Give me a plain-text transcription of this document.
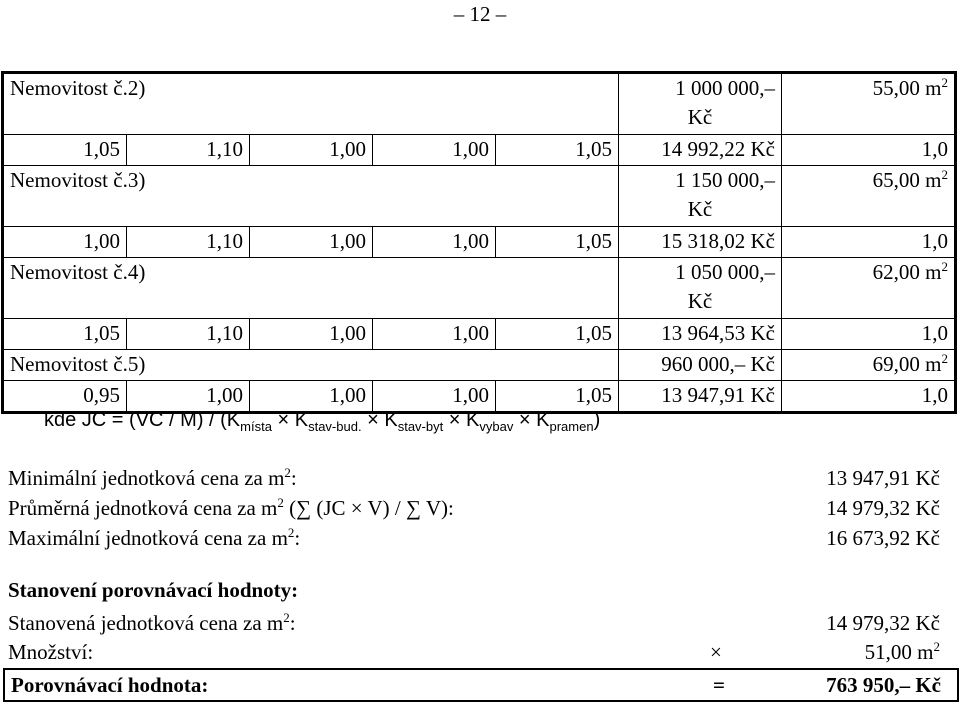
– 12 –
Nemovitost č.2)					1 000 000,–
Kč	55,00 $m^2$
1,05	1,10	1,00	1,00	1,05	14 992,22 Kč	1,0
Nemovitost č.3)					1 150 000,–
Kč	65,00 $m^2$
1,00	1,10	1,00	1,00	1,05	15 318,02 Kč	1,0
Nemovitost č.4)					1 050 000,–
Kč	62,00 $m^2$
1,05	1,10	1,00	1,00	1,05	13 964,53 Kč	1,0
Nemovitost č.5)					960 000,– Kč	69,00 $m^2$
0,95	1,00	1,00	1,00	1,05	13 947,91 Kč	1,0
kde JC = $(VC / M) / (K_{místa} \times K_{stav-bud.} \times K_{stav-byt} \times K_{vybav} \times K_{pramen})$
Minimální jednotková cena za $m^2$:	13 947,91 Kč
Průměrná jednotková cena za $m^2$ (∑ (JC × V) / ∑ V):	14 979,32 Kč
Maximální jednotková cena za $m^2$:	16 673,92 Kč
Stanovení porovnávací hodnoty:
Stanovená jednotková cena za $m^2$:	14 979,32 Kč
Množství:	×	51,00 $m^2$
Porovnávací hodnota:	=	763 950,– Kč
